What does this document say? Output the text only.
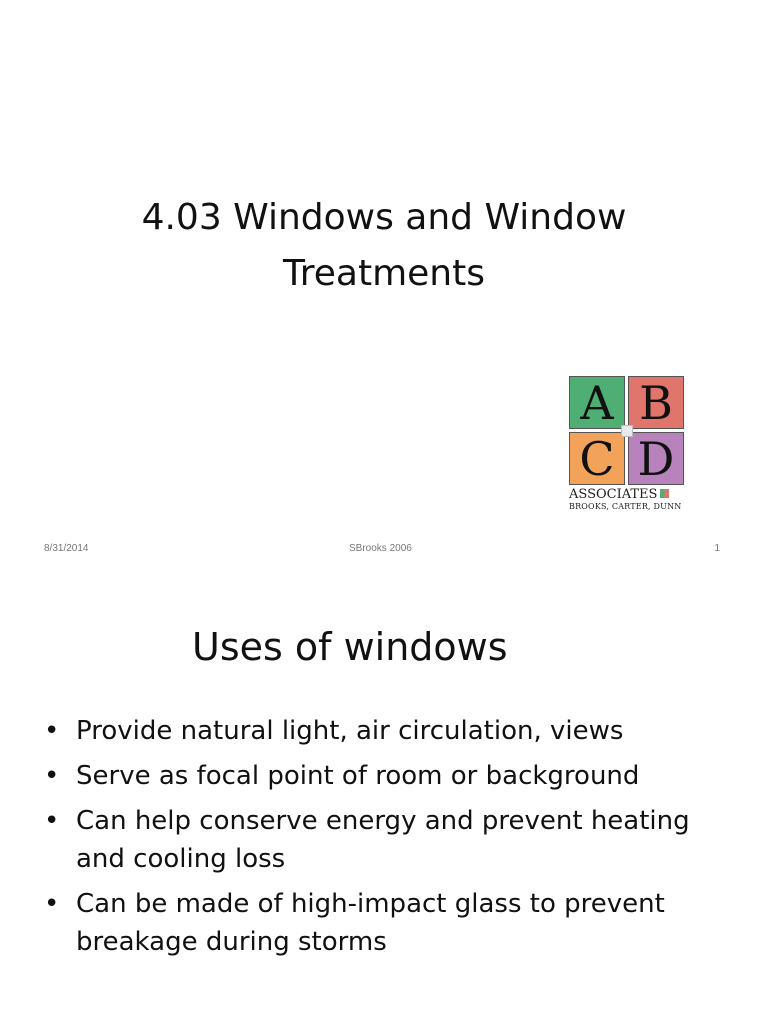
4.03 Windows and Window
Treatments
A B
C D
ASSOCIATES
BROOKS, CARTER, DUNN
8/31/2014	SBrooks 2006	1
Uses of windows
• Provide natural light, air circulation, views
• Serve as focal point of room or background
• Can help conserve energy and prevent heating
and cooling loss
• Can be made of high-impact glass to prevent
breakage during storms
